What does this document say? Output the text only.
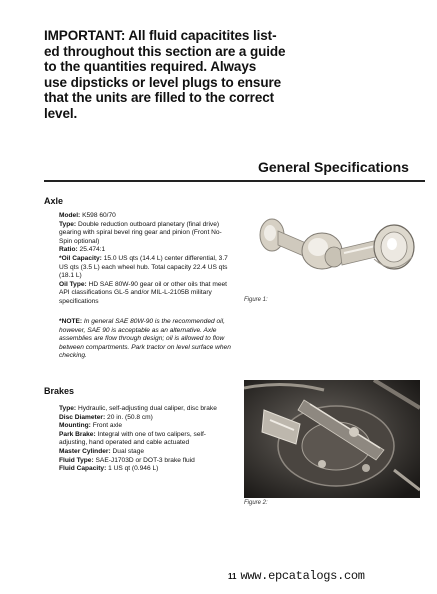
IMPORTANT: All fluid capacitites list-
ed throughout this section are a guide
to the quantities required. Always
use dipsticks or level plugs to ensure
that the units are filled to the correct
level.
General Specifications
Axle

Model: K598 60/70

Type: Double reduction outboard planetary (final drive) gearing with spiral bevel ring gear and pinion (Front No-Spin optional)

Ratio: 25.474:1

*Oil Capacity: 15.0 US qts (14.4 L) center differential, 3.7 US qts (3.5 L) each wheel hub. Total capacity 22.4 US qts (18.1 L)

Oil Type: HD SAE 80W-90 gear oil or other oils that meet API classifications GL-5 and/or MIL-L-2105B military specifications

*NOTE: In general SAE 80W-90 is the recommended oil, however, SAE 90 is acceptable as an alternative. Axle assemblies are flow through design; oil is allowed to flow between compartments. Park tractor on level surface when checking.
Figure 1:
Brakes

Type: Hydraulic, self-adjusting dual caliper, disc brake

Disc Diameter: 20 in. (50.8 cm)

Mounting: Front axle

Park Brake: Integral with one of two calipers, self-adjusting, hand operated and cable actuated

Master Cylinder: Dual stage

Fluid Type: SAE-J1703D or DOT-3 brake fluid

Fluid Capacity: 1 US qt (0.946 L)

Figure 2:
11 www.epcatalogs.com
